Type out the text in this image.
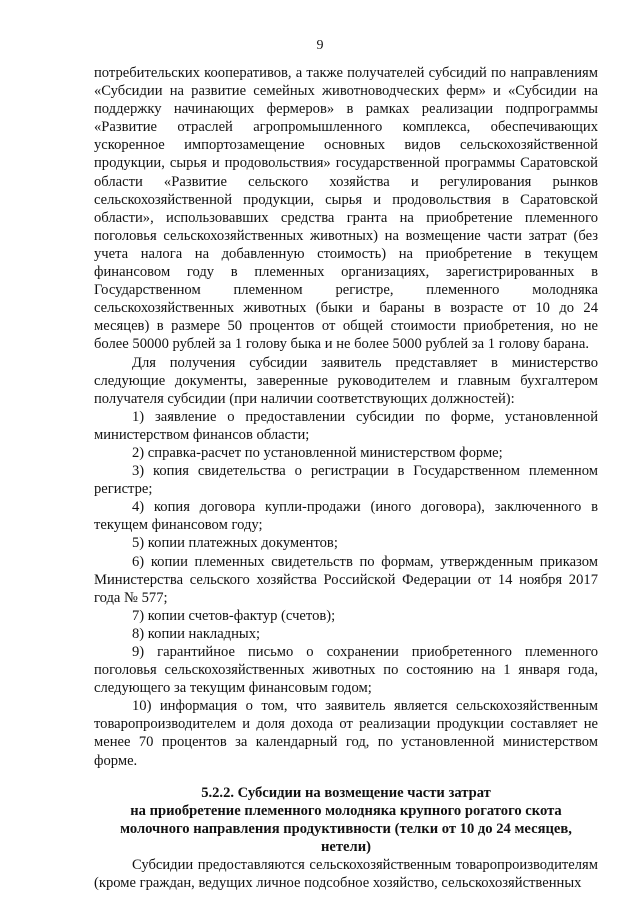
9

потребительских кооперативов, а также получателей субсидий по направлениям «Субсидии на развитие семейных животноводческих ферм» и «Субсидии на поддержку начинающих фермеров» в рамках реализации подпрограммы «Развитие отраслей агропромышленного комплекса, обеспечивающих ускоренное импортозамещение основных видов сельскохозяйственной продукции, сырья и продовольствия» государственной программы Саратовской области «Развитие сельского хозяйства и регулирования рынков сельскохозяйственной продукции, сырья и продовольствия в Саратовской области», использовавших средства гранта на приобретение племенного поголовья сельскохозяйственных животных) на возмещение части затрат (без учета налога на добавленную стоимость) на приобретение в текущем финансовом году в племенных организациях, зарегистрированных в Государственном племенном регистре, племенного молодняка сельскохозяйственных животных (быки и бараны в возрасте от 10 до 24 месяцев) в размере 50 процентов от общей стоимости приобретения, но не более 50000 рублей за 1 голову быка и не более 5000 рублей за 1 голову барана.

Для получения субсидии заявитель представляет в министерство следующие документы, заверенные руководителем и главным бухгалтером получателя субсидии (при наличии соответствующих должностей):

1) заявление о предоставлении субсидии по форме, установленной министерством финансов области;

2) справка-расчет по установленной министерством форме;

3) копия свидетельства о регистрации в Государственном племенном регистре;

4) копия договора купли-продажи (иного договора), заключенного в текущем финансовом году;

5) копии платежных документов;

6) копии племенных свидетельств по формам, утвержденным приказом Министерства сельского хозяйства Российской Федерации от 14 ноября 2017 года № 577;

7) копии счетов-фактур (счетов);

8) копии накладных;

9) гарантийное письмо о сохранении приобретенного племенного поголовья сельскохозяйственных животных по состоянию на 1 января года, следующего за текущим финансовым годом;

10) информация о том, что заявитель является сельскохозяйственным товаропроизводителем и доля дохода от реализации продукции составляет не менее 70 процентов за календарный год, по установленной министерством форме.

5.2.2. Субсидии на возмещение части затрат
на приобретение племенного молодняка крупного рогатого скота
молочного направления продуктивности (телки от 10 до 24 месяцев, нетели)

Субсидии предоставляются сельскохозяйственным товаропроизводителям (кроме граждан, ведущих личное подсобное хозяйство, сельскохозяйственных
